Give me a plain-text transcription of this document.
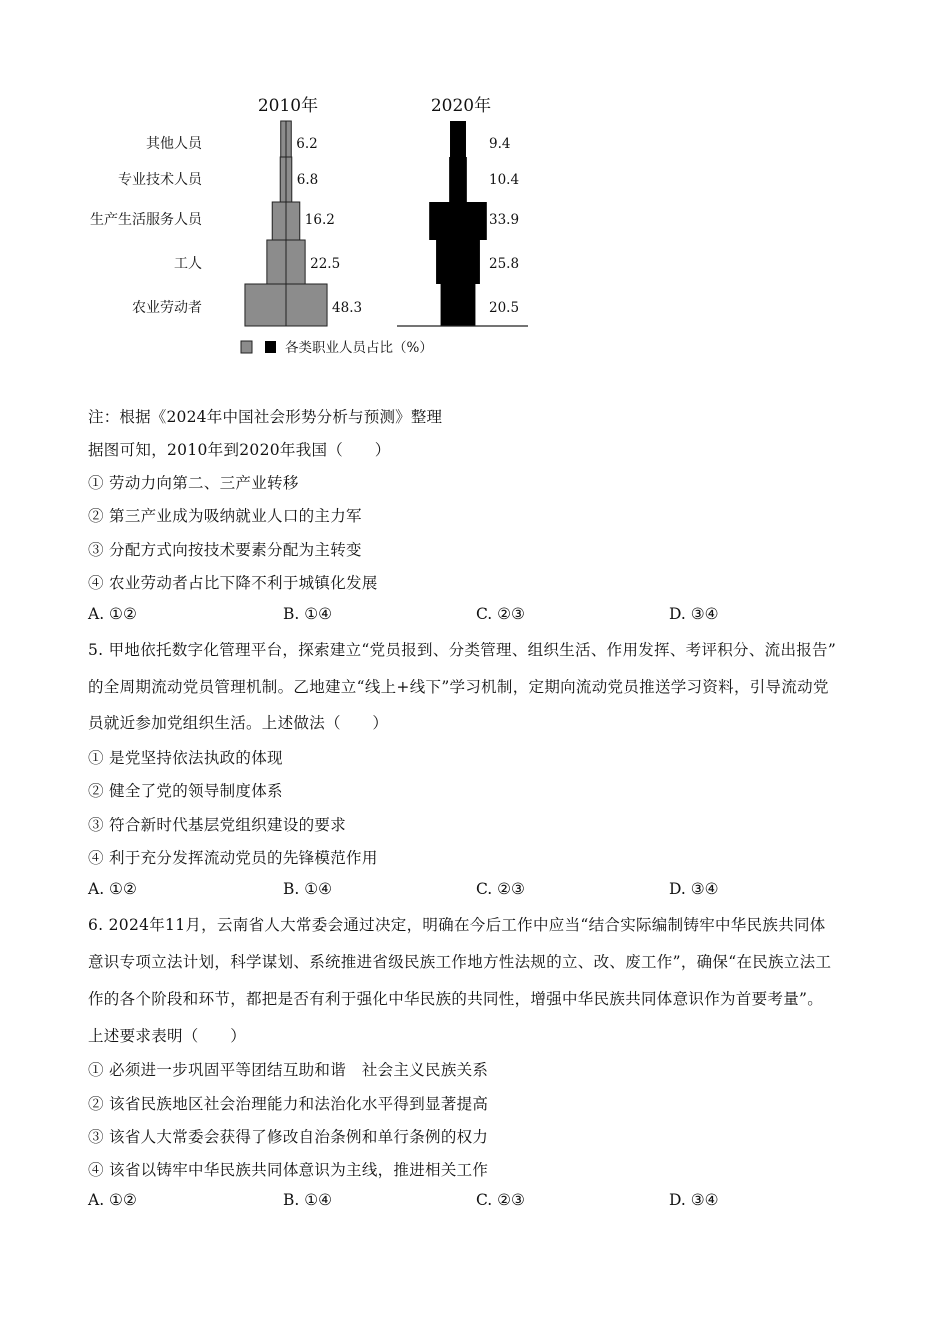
2010年	2020年
其他人员
专业技术人员
生产生活服务人员
工人
农业劳动者
6.2
6.8
16.2
22.5
48.3
9.4
10.4
33.9
25.8
20.5
各类职业人员占比（%）
注：根据《2024年中国社会形势分析与预测》整理
据图可知，2010年到2020年我国（　　）
① 劳动力向第二、三产业转移
② 第三产业成为吸纳就业人口的主力军
③ 分配方式向按技术要素分配为主转变
④ 农业劳动者占比下降不利于城镇化发展
A. ①②	B. ①④	C. ②③	D. ③④
5. 甲地依托数字化管理平台，探索建立“党员报到、分类管理、组织生活、作用发挥、考评积分、流出报告”
的全周期流动党员管理机制。乙地建立“线上+线下”学习机制，定期向流动党员推送学习资料，引导流动党
员就近参加党组织生活。上述做法（　　）
① 是党坚持依法执政的体现
② 健全了党的领导制度体系
③ 符合新时代基层党组织建设的要求
④ 利于充分发挥流动党员的先锋模范作用
A. ①②	B. ①④	C. ②③	D. ③④
6. 2024年11月，云南省人大常委会通过决定，明确在今后工作中应当“结合实际编制铸牢中华民族共同体
意识专项立法计划，科学谋划、系统推进省级民族工作地方性法规的立、改、废工作”，确保“在民族立法工
作的各个阶段和环节，都把是否有利于强化中华民族的共同性，增强中华民族共同体意识作为首要考量”。
上述要求表明（　　）
① 必须进一步巩固平等团结互助和谐　社会主义民族关系
② 该省民族地区社会治理能力和法治化水平得到显著提高
③ 该省人大常委会获得了修改自治条例和单行条例的权力
④ 该省以铸牢中华民族共同体意识为主线，推进相关工作
A. ①②	B. ①④	C. ②③	D. ③④
